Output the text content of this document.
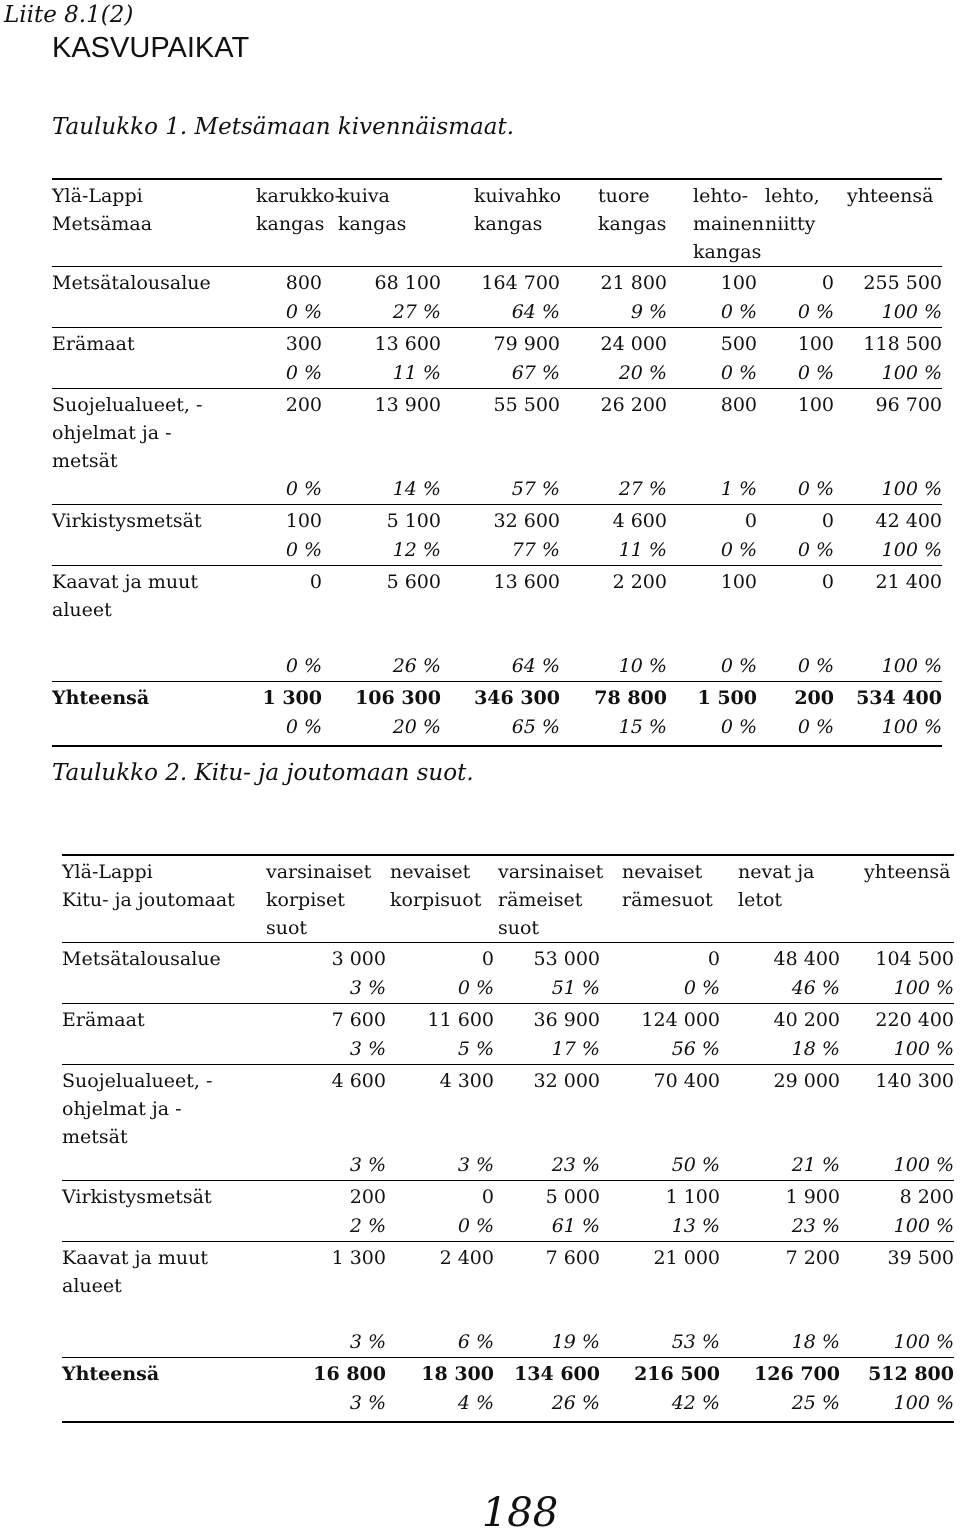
Liite 8.1(2)
KASVUPAIKAT
Taulukko 1. Metsämaan kivennäismaat.
Ylä-Lappi
Metsämaa	karukko- kangas	kuiva kangas	kuivahko kangas	tuore kangas	lehto- mainen kangas	lehto, niitty	yhteensä
Metsätalousalue	800	68 100	164 700	21 800	100	0	255 500
	0 %	27 %	64 %	9 %	0 %	0 %	100 %
Erämaat	300	13 600	79 900	24 000	500	100	118 500
	0 %	11 %	67 %	20 %	0 %	0 %	100 %
Suojelualueet, - ohjelmat ja -metsät	200	13 900	55 500	26 200	800	100	96 700
	0 %	14 %	57 %	27 %	1 %	0 %	100 %
Virkistysmetsät	100	5 100	32 600	4 600	0	0	42 400
	0 %	12 %	77 %	11 %	0 %	0 %	100 %
Kaavat ja muut alueet	0	5 600	13 600	2 200	100	0	21 400
	0 %	26 %	64 %	10 %	0 %	0 %	100 %
Yhteensä	1 300	106 300	346 300	78 800	1 500	200	534 400
	0 %	20 %	65 %	15 %	0 %	0 %	100 %
Taulukko 2. Kitu- ja joutomaan suot.
Ylä-Lappi
Kitu- ja joutomaat	varsinaiset korpiset suot	nevaiset korpisuot	varsinaiset rämeiset suot	nevaiset rämesuot	nevat ja letot	yhteensä
Metsätalousalue	3 000	0	53 000	0	48 400	104 500
	3 %	0 %	51 %	0 %	46 %	100 %
Erämaat	7 600	11 600	36 900	124 000	40 200	220 400
	3 %	5 %	17 %	56 %	18 %	100 %
Suojelualueet, - ohjelmat ja -metsät	4 600	4 300	32 000	70 400	29 000	140 300
	3 %	3 %	23 %	50 %	21 %	100 %
Virkistysmetsät	200	0	5 000	1 100	1 900	8 200
	2 %	0 %	61 %	13 %	23 %	100 %
Kaavat ja muut alueet	1 300	2 400	7 600	21 000	7 200	39 500
	3 %	6 %	19 %	53 %	18 %	100 %
Yhteensä	16 800	18 300	134 600	216 500	126 700	512 800
	3 %	4 %	26 %	42 %	25 %	100 %
188
